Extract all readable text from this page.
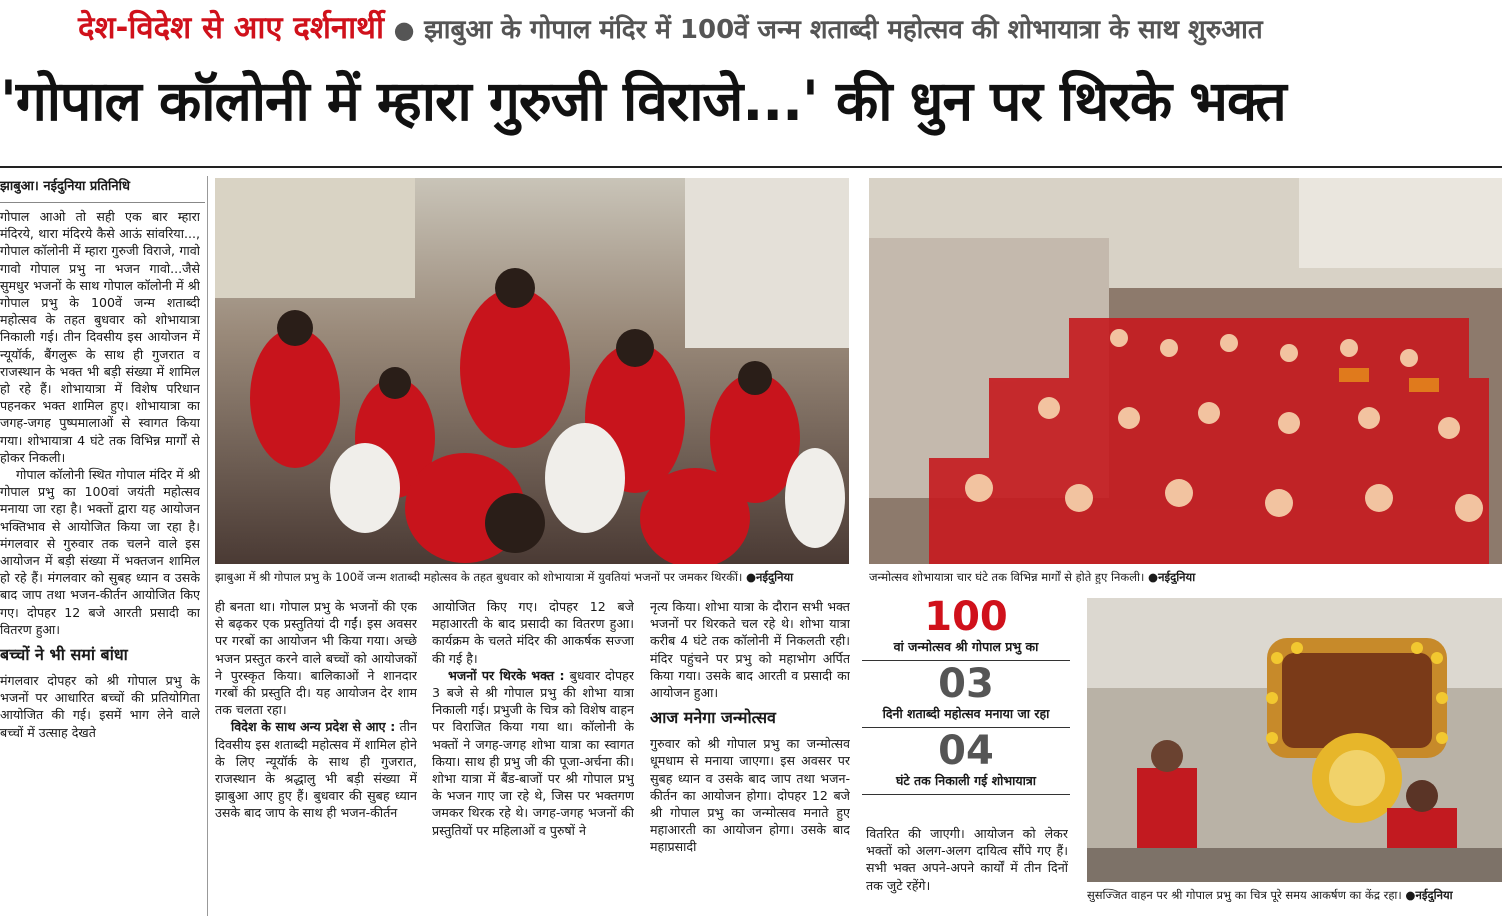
देश-विदेश से आए दर्शनार्थी ● झाबुआ के गोपाल मंदिर में 100वें जन्म शताब्दी महोत्सव की शोभायात्रा के साथ शुरुआत
'गोपाल कॉलोनी में म्हारा गुरुजी विराजे...' की धुन पर थिरके भक्त
झाबुआ। नईदुनिया प्रतिनिधि

गोपाल आओ तो सही एक बार म्हारा मंदिरये, थारा मंदिरये कैसे आऊं सांवरिया..., गोपाल कॉलोनी में म्हारा गुरुजी विराजे, गावो गावो गोपाल प्रभु ना भजन गावो...जैसे सुमधुर भजनों के साथ गोपाल कॉलोनी में श्री गोपाल प्रभु के 100वें जन्म शताब्दी महोत्सव के तहत बुधवार को शोभायात्रा निकाली गई। तीन दिवसीय इस आयोजन में न्यूयॉर्क, बैंगलुरू के साथ ही गुजरात व राजस्थान के भक्त भी बड़ी संख्या में शामिल हो रहे हैं। शोभायात्रा में विशेष परिधान पहनकर भक्त शामिल हुए। शोभायात्रा का जगह-जगह पुष्पमालाओं से स्वागत किया गया। शोभायात्रा 4 घंटे तक विभिन्न मार्गों से होकर निकली।

गोपाल कॉलोनी स्थित गोपाल मंदिर में श्री गोपाल प्रभु का 100वां जयंती महोत्सव मनाया जा रहा है। भक्तों द्वारा यह आयोजन भक्तिभाव से आयोजित किया जा रहा है। मंगलवार से गुरुवार तक चलने वाले इस आयोजन में बड़ी संख्या में भक्तजन शामिल हो रहे हैं। मंगलवार को सुबह ध्यान व उसके बाद जाप तथा भजन-कीर्तन आयोजित किए गए। दोपहर 12 बजे आरती प्रसादी का वितरण हुआ।

बच्चों ने भी समां बांधा

मंगलवार दोपहर को श्री गोपाल प्रभु के भजनों पर आधारित बच्चों की प्रतियोगिता आयोजित की गई। इसमें भाग लेने वाले बच्चों में उत्साह देखते

झाबुआ में श्री गोपाल प्रभु के 100वें जन्म शताब्दी महोत्सव के तहत बुधवार को शोभायात्रा में युवतियां भजनों पर जमकर थिरकीं। ●नईदुनिया	जन्मोत्सव शोभायात्रा चार घंटे तक विभिन्न मार्गों से होते हुए निकली। ●नईदुनिया

ही बनता था। गोपाल प्रभु के भजनों की एक से बढ़कर एक प्रस्तुतियां दी गईं। इस अवसर पर गरबों का आयोजन भी किया गया। अच्छे भजन प्रस्तुत करने वाले बच्चों को आयोजकों ने पुरस्कृत किया। बालिकाओं ने शानदार गरबों की प्रस्तुति दी। यह आयोजन देर शाम तक चलता रहा।

विदेश के साथ अन्य प्रदेश से आए : तीन दिवसीय इस शताब्दी महोत्सव में शामिल होने के लिए न्यूयॉर्क के साथ ही गुजरात, राजस्थान के श्रद्धालु भी बड़ी संख्या में झाबुआ आए हुए हैं। बुधवार की सुबह ध्यान उसके बाद जाप के साथ ही भजन-कीर्तन

आयोजित किए गए। दोपहर 12 बजे महाआरती के बाद प्रसादी का वितरण हुआ। कार्यक्रम के चलते मंदिर की आकर्षक सज्जा की गई है।

भजनों पर थिरके भक्त : बुधवार दोपहर 3 बजे से श्री गोपाल प्रभु की शोभा यात्रा निकाली गई। प्रभुजी के चित्र को विशेष वाहन पर विराजित किया गया था। कॉलोनी के भक्तों ने जगह-जगह शोभा यात्रा का स्वागत किया। साथ ही प्रभु जी की पूजा-अर्चना की। शोभा यात्रा में बैंड-बाजों पर श्री गोपाल प्रभु के भजन गाए जा रहे थे, जिस पर भक्तगण जमकर थिरक रहे थे। जगह-जगह भजनों की प्रस्तुतियों पर महिलाओं व पुरुषों ने

नृत्य किया। शोभा यात्रा के दौरान सभी भक्त भजनों पर थिरकते चल रहे थे। शोभा यात्रा करीब 4 घंटे तक कॉलोनी में निकलती रही। मंदिर पहुंचने पर प्रभु को महाभोग अर्पित किया गया। उसके बाद आरती व प्रसादी का आयोजन हुआ।

आज मनेगा जन्मोत्सव

गुरुवार को श्री गोपाल प्रभु का जन्मोत्सव धूमधाम से मनाया जाएगा। इस अवसर पर सुबह ध्यान व उसके बाद जाप तथा भजन-कीर्तन का आयोजन होगा। दोपहर 12 बजे श्री गोपाल प्रभु का जन्मोत्सव मनाते हुए महाआरती का आयोजन होगा। उसके बाद महाप्रसादी

100
वां जन्मोत्सव श्री गोपाल प्रभु का
03
दिनी शताब्दी महोत्सव मनाया जा रहा
04
घंटे तक निकाली गई शोभायात्रा

वितरित की जाएगी। आयोजन को लेकर भक्तों को अलग-अलग दायित्व सौंपे गए हैं। सभी भक्त अपने-अपने कार्यों में तीन दिनों तक जुटे रहेंगे।

सुसज्जित वाहन पर श्री गोपाल प्रभु का चित्र पूरे समय आकर्षण का केंद्र रहा। ●नईदुनिया
